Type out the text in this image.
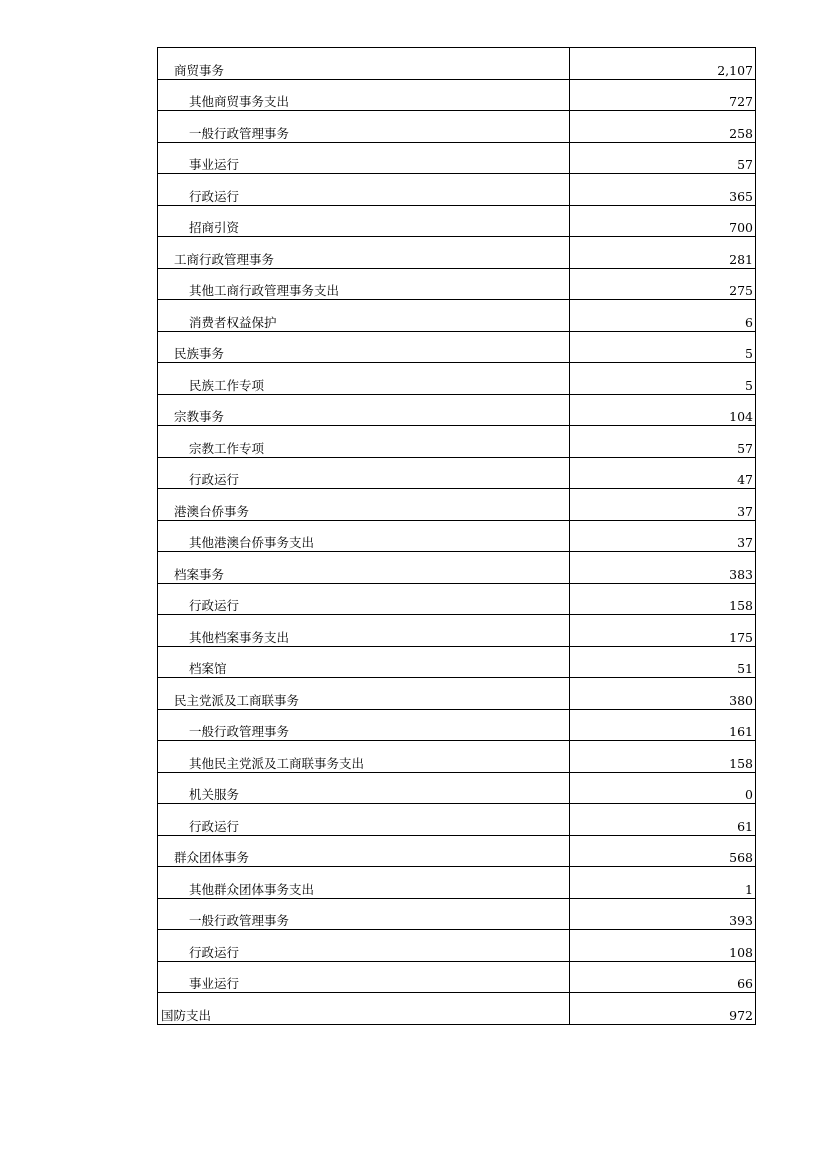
商贸事务	2,107
其他商贸事务支出	727
一般行政管理事务	258
事业运行	57
行政运行	365
招商引资	700
工商行政管理事务	281
其他工商行政管理事务支出	275
消费者权益保护	6
民族事务	5
民族工作专项	5
宗教事务	104
宗教工作专项	57
行政运行	47
港澳台侨事务	37
其他港澳台侨事务支出	37
档案事务	383
行政运行	158
其他档案事务支出	175
档案馆	51
民主党派及工商联事务	380
一般行政管理事务	161
其他民主党派及工商联事务支出	158
机关服务	0
行政运行	61
群众团体事务	568
其他群众团体事务支出	1
一般行政管理事务	393
行政运行	108
事业运行	66
国防支出	972
